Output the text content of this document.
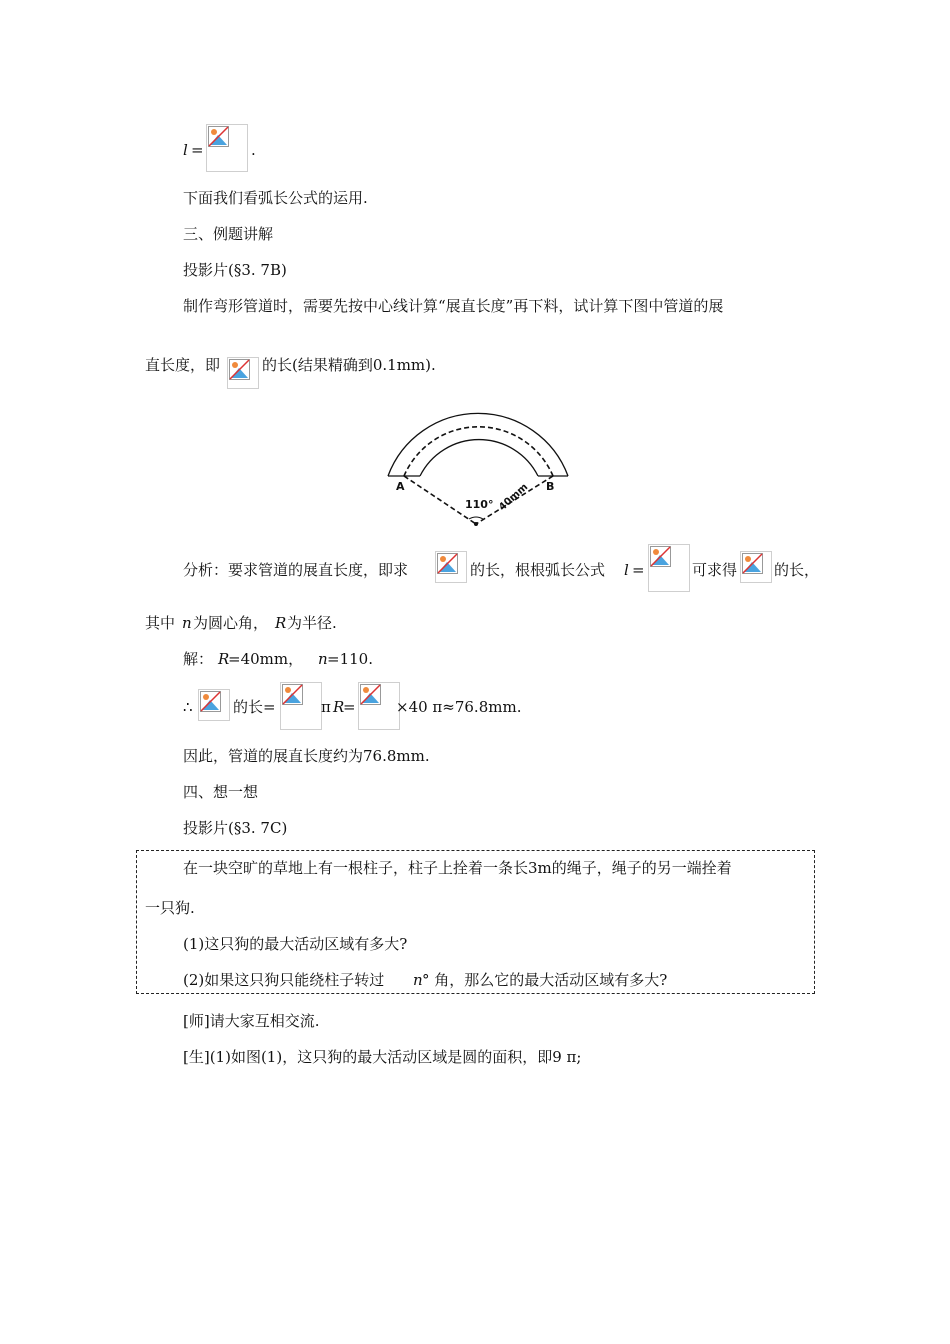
l =	.
下面我们看弧长公式的运用.
三、例题讲解
投影片(§3. 7B)
制作弯形管道时，需要先按中心线计算“展直长度”再下料，试计算下图中管道的展
直长度，即	的长(结果精确到0.1mm).
A	B
110° 40mm
分析：要求管道的展直长度，即求	的长，根根弧长公式 l =	可求得 的长，
其中 n 为圆心角， R 为半径.
解： R
=40mm， n =110.
∴	的长=	π R
=	×40 π≈76.8mm.
因此，管道的展直长度约为76.8mm.
四、想一想
投影片(§3. 7C)
在一块空旷的草地上有一根柱子，柱子上拴着一条长3m的绳子，绳子的另一端拴着
一只狗.
(1)这只狗的最大活动区域有多大?
(2)如果这只狗只能绕柱子转过 n ° 角，那么它的最大活动区域有多大?
[师]请大家互相交流.
[生](1)如图(1)，这只狗的最大活动区域是圆的面积，即9 π;
